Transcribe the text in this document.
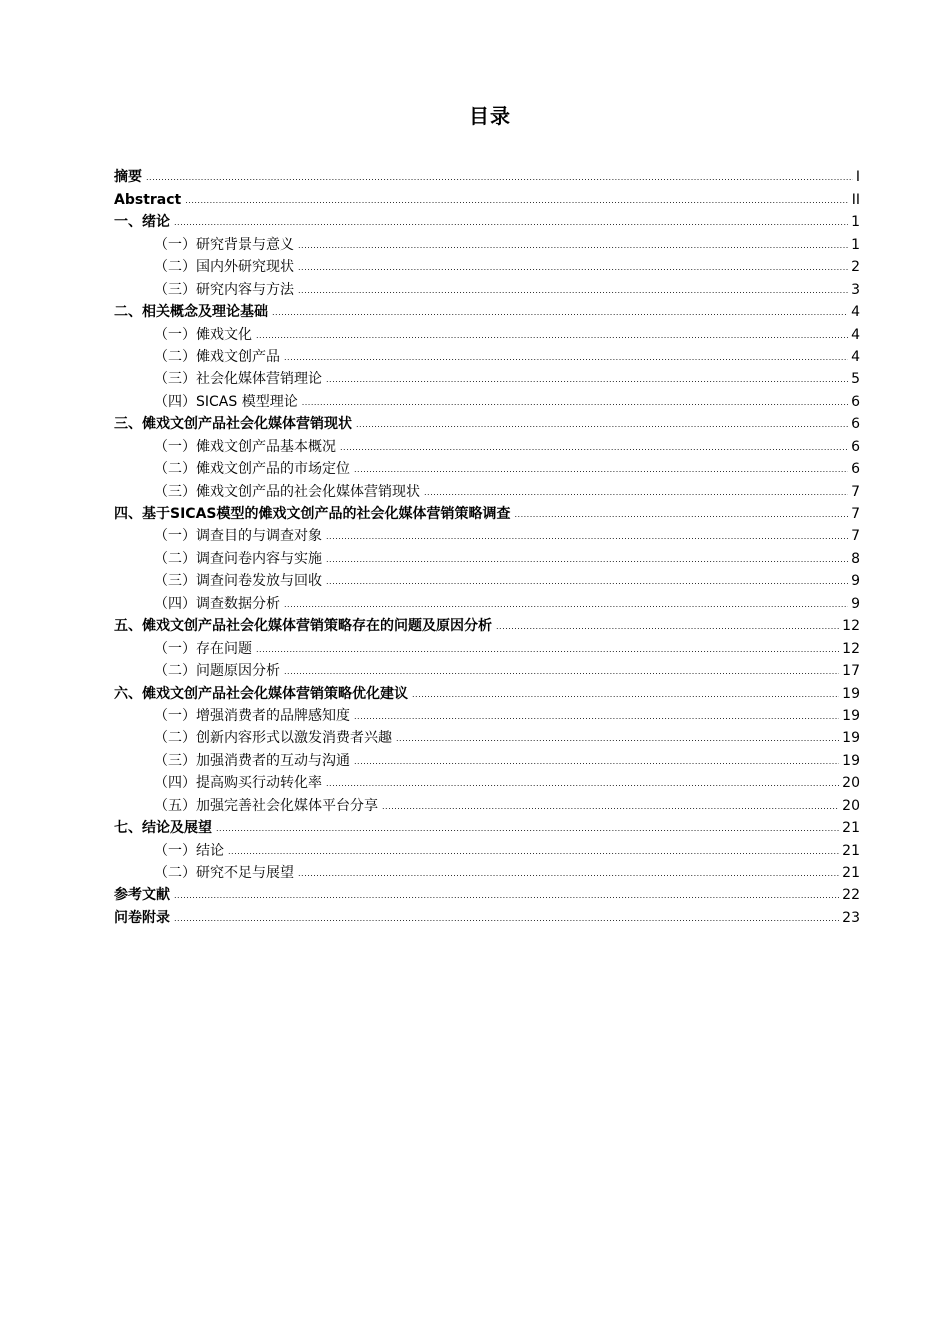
目录
摘要 .....	I
Abstract .....	II
一、绪论 .....	1
（一）研究背景与意义 .....	1
（二）国内外研究现状 .....	2
（三）研究内容与方法 .....	3
二、相关概念及理论基础 .....	4
（一）傩戏文化 .....	4
（二）傩戏文创产品 .....	4
（三）社会化媒体营销理论 .....	5
（四）SICAS 模型理论 .....	6
三、傩戏文创产品社会化媒体营销现状 .....	6
（一）傩戏文创产品基本概况 .....	6
（二）傩戏文创产品的市场定位 .....	6
（三）傩戏文创产品的社会化媒体营销现状 .....	7
四、基于SICAS模型的傩戏文创产品的社会化媒体营销策略调查 .....	7
（一）调查目的与调查对象 .....	7
（二）调查问卷内容与实施 .....	8
（三）调查问卷发放与回收 .....	9
（四）调查数据分析 .....	9
五、傩戏文创产品社会化媒体营销策略存在的问题及原因分析 .....	12
（一）存在问题 .....	12
（二）问题原因分析 .....	17
六、傩戏文创产品社会化媒体营销策略优化建议 .....	19
（一）增强消费者的品牌感知度 .....	19
（二）创新内容形式以激发消费者兴趣 .....	19
（三）加强消费者的互动与沟通 .....	19
（四）提高购买行动转化率 .....	20
（五）加强完善社会化媒体平台分享 .....	20
七、结论及展望 .....	21
（一）结论 .....	21
（二）研究不足与展望 .....	21
参考文献 .....	22
问卷附录 .....	23
